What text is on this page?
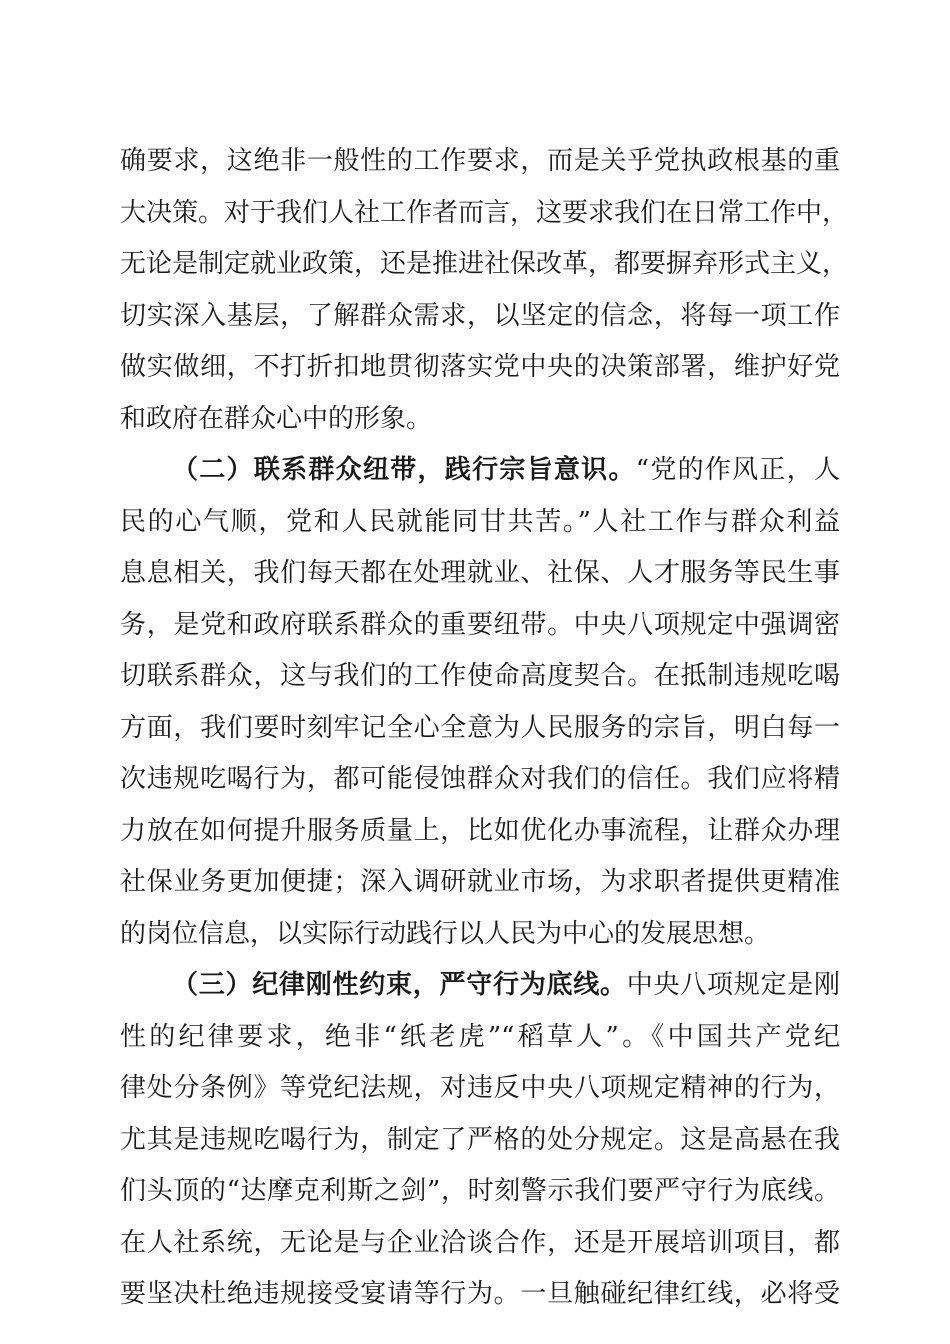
确要求，这绝非一般性的工作要求，而是关乎党执政根基的重
大决策。对于我们人社工作者而言，这要求我们在日常工作中，
无论是制定就业政策，还是推进社保改革，都要摒弃形式主义，
切实深入基层，了解群众需求，以坚定的信念，将每一项工作
做实做细，不打折扣地贯彻落实党中央的决策部署，维护好党
和政府在群众心中的形象。
（二）联系群众纽带，践行宗旨意识。“党的作风正，人
民的心气顺，党和人民就能同甘共苦。”人社工作与群众利益
息息相关，我们每天都在处理就业、社保、人才服务等民生事
务，是党和政府联系群众的重要纽带。中央八项规定中强调密
切联系群众，这与我们的工作使命高度契合。在抵制违规吃喝
方面，我们要时刻牢记全心全意为人民服务的宗旨，明白每一
次违规吃喝行为，都可能侵蚀群众对我们的信任。我们应将精
力放在如何提升服务质量上，比如优化办事流程，让群众办理
社保业务更加便捷；深入调研就业市场，为求职者提供更精准
的岗位信息，以实际行动践行以人民为中心的发展思想。
（三）纪律刚性约束，严守行为底线。中央八项规定是刚
性的纪律要求，绝非“纸老虎”“稻草人”。《中国共产党纪
律处分条例》等党纪法规，对违反中央八项规定精神的行为，
尤其是违规吃喝行为，制定了严格的处分规定。这是高悬在我
们头顶的“达摩克利斯之剑”，时刻警示我们要严守行为底线。
在人社系统，无论是与企业洽谈合作，还是开展培训项目，都
要坚决杜绝违规接受宴请等行为。一旦触碰纪律红线，必将受
